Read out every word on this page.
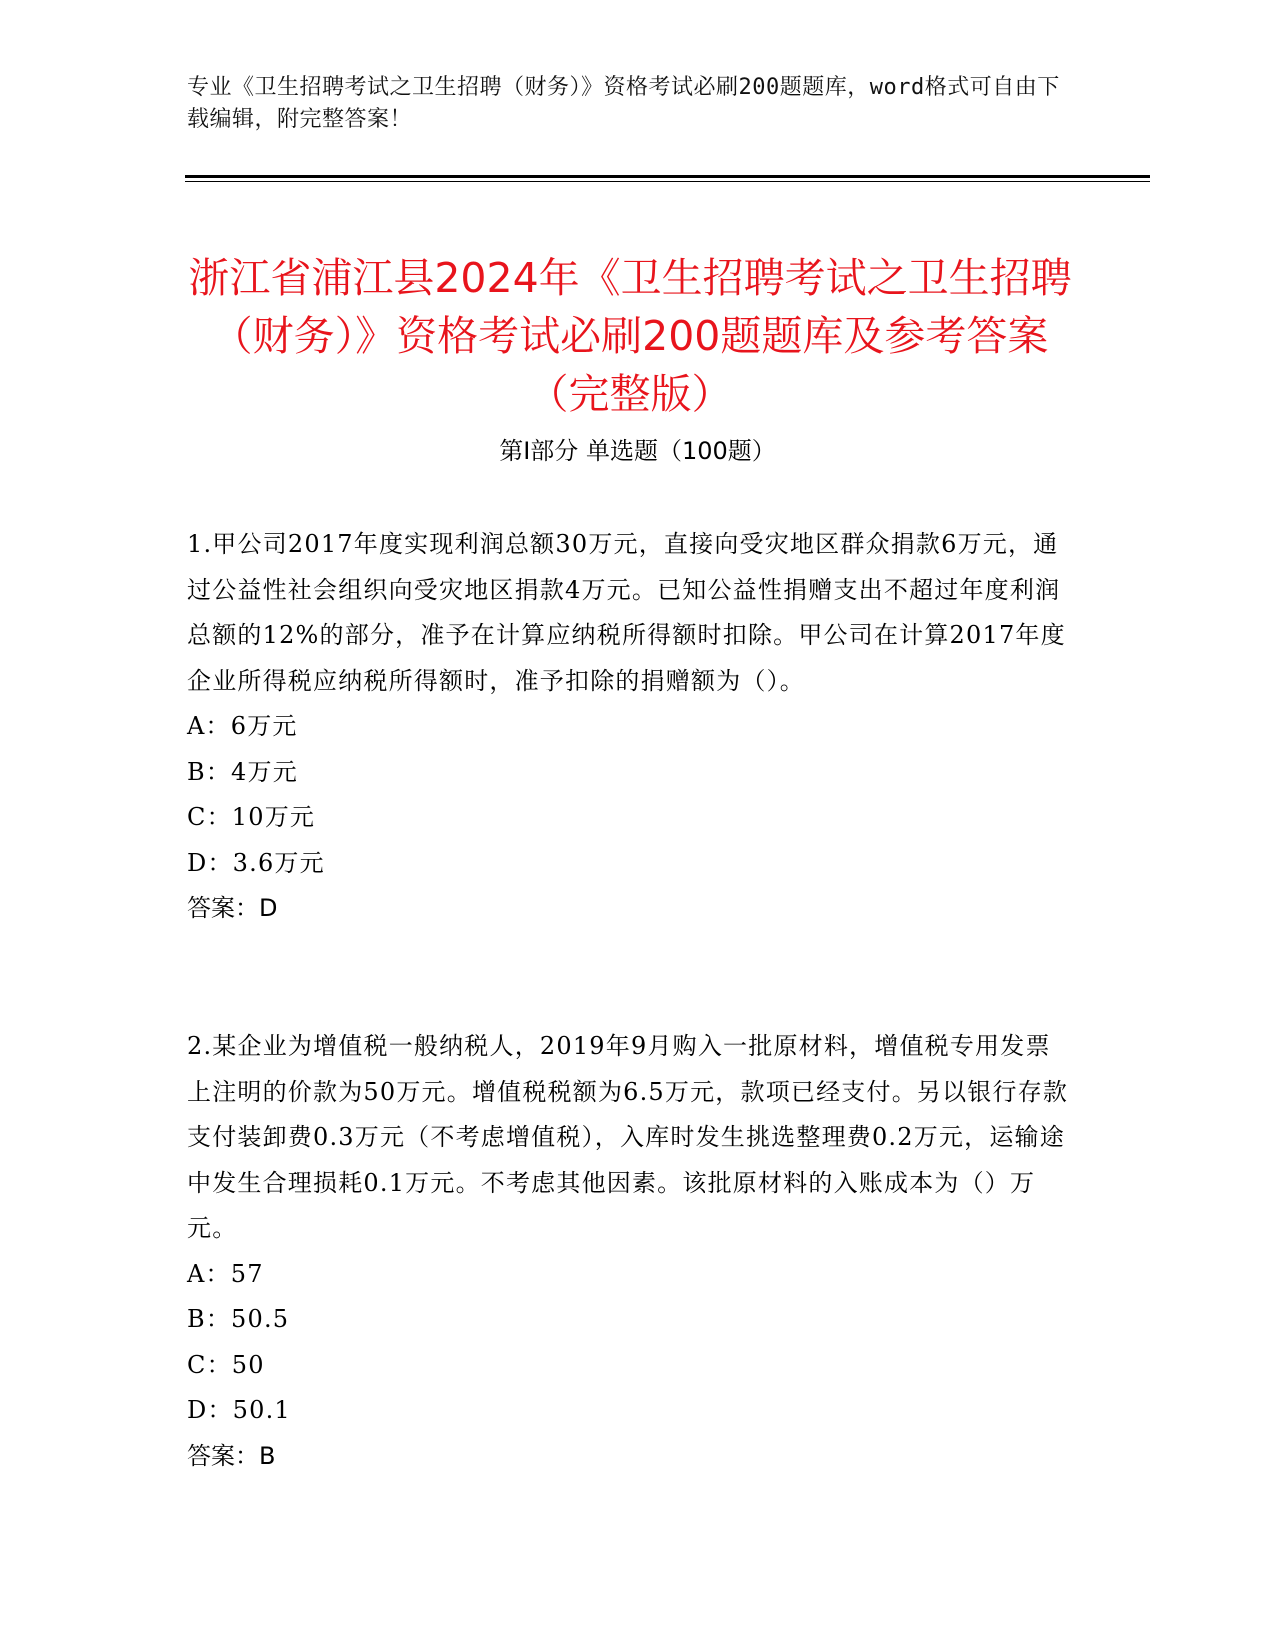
专业《卫生招聘考试之卫生招聘（财务）》资格考试必刷200题题库，word格式可自由下载编辑，附完整答案！
浙江省浦江县2024年《卫生招聘考试之卫生招聘（财务）》资格考试必刷200题题库及参考答案（完整版）
第Ⅰ部分 单选题（100题）

1.甲公司2017年度实现利润总额30万元，直接向受灾地区群众捐款6万元，通过公益性社会组织向受灾地区捐款4万元。已知公益性捐赠支出不超过年度利润总额的12%的部分，准予在计算应纳税所得额时扣除。甲公司在计算2017年度企业所得税应纳税所得额时，准予扣除的捐赠额为（）。

A：6万元

B：4万元

C：10万元

D：3.6万元

答案：D

2.某企业为增值税一般纳税人，2019年9月购入一批原材料，增值税专用发票上注明的价款为50万元。增值税税额为6.5万元，款项已经支付。另以银行存款支付装卸费0.3万元（不考虑增值税），入库时发生挑选整理费0.2万元，运输途中发生合理损耗0.1万元。不考虑其他因素。该批原材料的入账成本为（）万元。

A：57

B：50.5

C：50

D：50.1

答案：B
